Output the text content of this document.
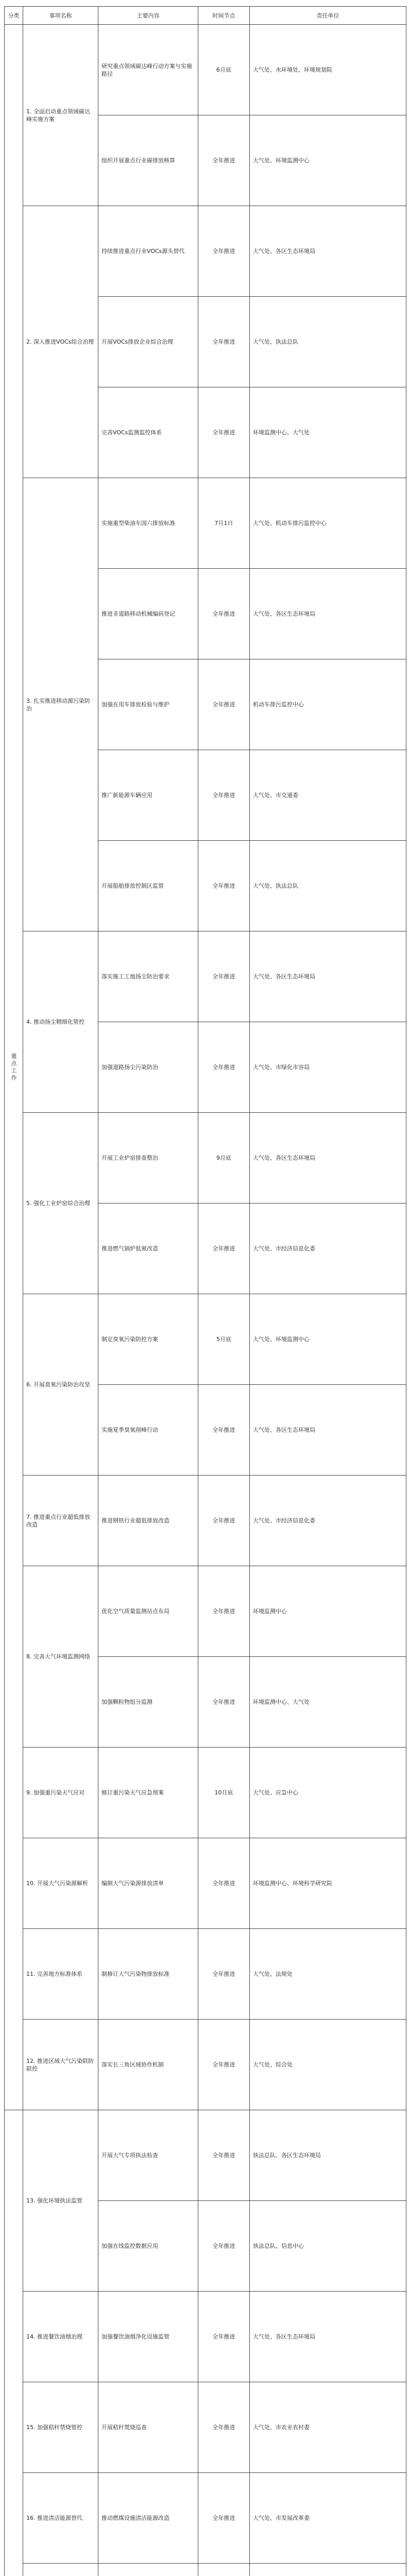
分类	事项名称	主要内容	时间节点	责任单位
重点工作	1. 全面启动重点领域碳达峰实施方案	研究重点领域碳达峰行动方案与实施路径	6月底	大气处、水环境处、环境规划院
		组织开展重点行业碳排放核算	全年推进	大气处、环境监测中心
	2. 深入推进VOCs综合治理	持续推进重点行业VOCs源头替代	全年推进	大气处、各区生态环境局
		开展VOCs排放企业综合治理	全年推进	大气处、执法总队
		完善VOCs监测监控体系	全年推进	环境监测中心、大气处
	3. 扎实推进移动源污染防治	实施重型柴油车国六排放标准	7月1日	大气处、机动车排污监控中心
		推进非道路移动机械编码登记	全年推进	大气处、各区生态环境局
		加强在用车排放检验与维护	全年推进	机动车排污监控中心
		推广新能源车辆应用	全年推进	大气处、市交通委
		开展船舶排放控制区监管	全年推进	大气处、执法总队
	4. 推动扬尘精细化管控	落实施工工地扬尘防治要求	全年推进	大气处、各区生态环境局
		加强道路扬尘污染防治	全年推进	大气处、市绿化市容局
	5. 强化工业炉窑综合治理	开展工业炉窑排查整治	9月底	大气处、各区生态环境局
		推进燃气锅炉低氮改造	全年推进	大气处、市经济信息化委
	6. 开展臭氧污染防治攻坚	制定臭氧污染防控方案	5月底	大气处、环境监测中心
		实施夏季臭氧削峰行动	全年推进	大气处、各区生态环境局
	7. 推进重点行业超低排放改造	推进钢铁行业超低排放改造	全年推进	大气处、市经济信息化委
	8. 完善大气环境监测网络	优化空气质量监测站点布局	全年推进	环境监测中心
		加强颗粒物组分监测	全年推进	环境监测中心、大气处
	9. 加强重污染天气应对	修订重污染天气应急预案	10月底	大气处、应急中心
	10. 开展大气污染源解析	编制大气污染源排放清单	全年推进	环境监测中心、环境科学研究院
	11. 完善地方标准体系	制修订大气污染物排放标准	全年推进	大气处、法规处
	12. 推进区域大气污染联防联控	落实长三角区域协作机制	全年推进	大气处、综合处
	13. 强化环境执法监管	开展大气专项执法检查	全年推进	执法总队、各区生态环境局
		加强在线监控数据应用	全年推进	执法总队、信息中心
	14. 推进餐饮油烟治理	加强餐饮油烟净化设施监管	全年推进	大气处、各区生态环境局
	15. 加强秸秆禁烧管控	开展秸秆焚烧巡查	全年推进	大气处、市农业农村委
	16. 推进清洁能源替代	推动燃煤设施清洁能源改造	全年推进	大气处、市发展改革委
